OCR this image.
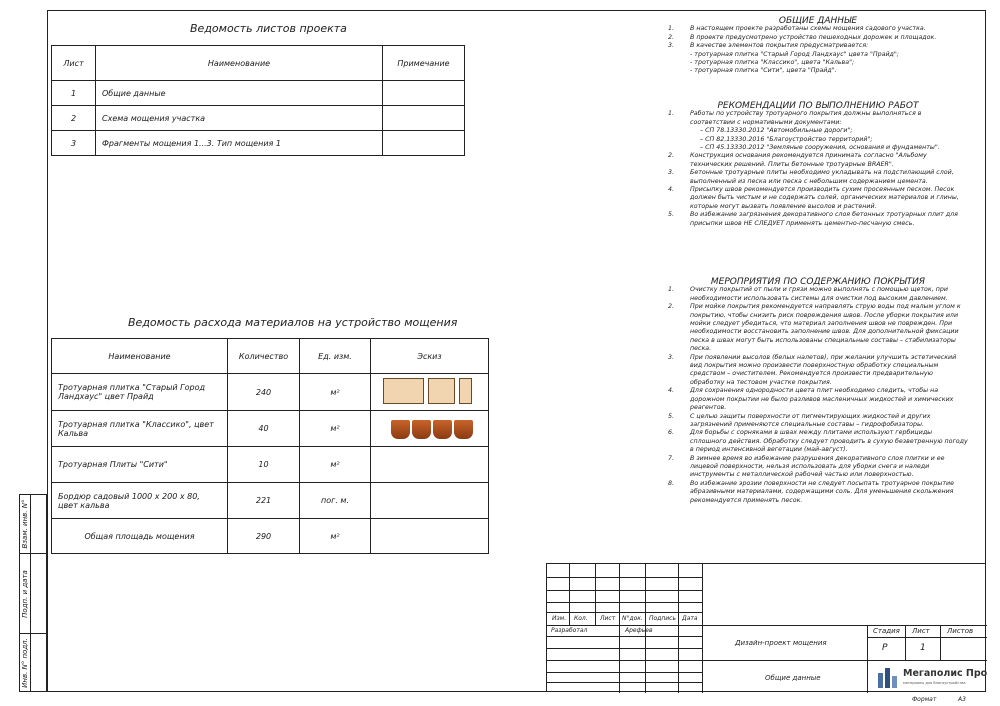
Ведомость листов проекта
Лист	Наименование	Примечание
1	Общие данные	
2	Схема мощения участка	
3	Фрагменты мощения 1...3. Тип мощения 1	
Ведомость расхода материалов на устройство мощения
Наименование	Количество	Ед. изм.	Эскиз
Тротуарная плитка "Старый Город Ландхаус" цвет Прайд	240	м²	

Тротуарная плитка "Классико", цвет Кальва	40	м²	

Тротуарная Плиты "Сити"	10	м²	
Бордюр садовый 1000 x 200 x 80, цвет кальва	221	пог. м.	
Общая площадь мощения	290	м²	

ОБЩИЕ ДАННЫЕ

1.	В настоящем проекте разработаны схемы мощения садового участка.
2.	В проекте предусмотрено устройство пешеходных дорожек и площадок.
3.	В качестве элементов покрытия предусматривается:
- тротуарная плитка "Старый Город Ландхаус" цвета "Прайд";
- тротуарная плитка "Классико", цвета "Кальва";
- тротуарная плитка "Сити", цвета "Прайд".

РЕКОМЕНДАЦИИ ПО ВЫПОЛНЕНИЮ РАБОТ

1.	Работы по устройству тротуарного покрытия должны выполняться в соответствии с нормативными документами:
– СП 78.13330.2012 "Автомобильные дороги";
– СП 82.13330.2016 "Благоустройство территорий";
– СП 45.13330.2012 "Земляные сооружения, основания и фундаменты".
2.	Конструкция основания рекомендуется принимать согласно "Альбому технических решений. Плиты бетонные тротуарные BRAER".
3.	Бетонные тротуарные плиты необходимо укладывать на подстилающий слой, выполненный из песка или песка с небольшим содержанием цемента.
4.	Присыпку швов рекомендуется производить сухим просеянным песком. Песок должен быть чистым и не содержать солей, органических материалов и глины, которые могут вызвать появление высолов и растений.
5.	Во избежание загрязнения декоративного слоя бетонных тротуарных плит для присыпки швов НЕ СЛЕДУЕТ применять цементно-песчаную смесь.

МЕРОПРИЯТИЯ ПО СОДЕРЖАНИЮ ПОКРЫТИЯ

1.	Очистку покрытий от пыли и грязи можно выполнять с помощью щеток, при необходимости использовать системы для очистки под высоким давлением.
2.	При мойке покрытия рекомендуется направлять струю воды под малым углом к покрытию, чтобы снизить риск повреждения швов. После уборки покрытия или мойки следует убедиться, что материал заполнения швов не поврежден. При необходимости восстановить заполнение швов. Для дополнительной фиксации песка в швах могут быть использованы специальные составы – стабилизаторы песка.
3.	При появлении высолов (белых налетов), при желании улучшить эстетический вид покрытия можно произвести поверхностную обработку специальным средством – очистителем. Рекомендуется произвести предварительную обработку на тестовом участке покрытия.
4.	Для сохранения однородности цвета плит необходимо следить, чтобы на дорожном покрытии не было разливов масленичных жидкостей и химических реагентов.
5.	С целью защиты поверхности от пигментирующих жидкостей и других загрязнений применяются специальные составы – гидрофобизаторы.
6.	Для борьбы с сорняками в швах между плитами используют гербициды сплошного действия. Обработку следует проводить в сухую безветренную погоду в период интенсивной вегетации (май-август).
7.	В зимнее время во избежание разрушения декоративного слоя плитки и ее лицевой поверхности, нельзя использовать для уборки снега и наледи инструменты с металлической рабочей частью или поверхностью.
8.	Во избежание эрозии поверхности не следует посыпать тротуарное покрытие абразивными материалами, содержащими соль. Для уменьшения скольжения рекомендуется применять песок.
Взам. инв. N°
Подп. и дата
Инв. N° подл.
Изм. Кол. Лист N°док. Подпись Дата
Разработал	Арефьев
Дизайн-проект мощения
Общие данные
Стадия Лист Листов
Р	1
Мегаполис Про
материалы для благоустройства
Формат	А3
